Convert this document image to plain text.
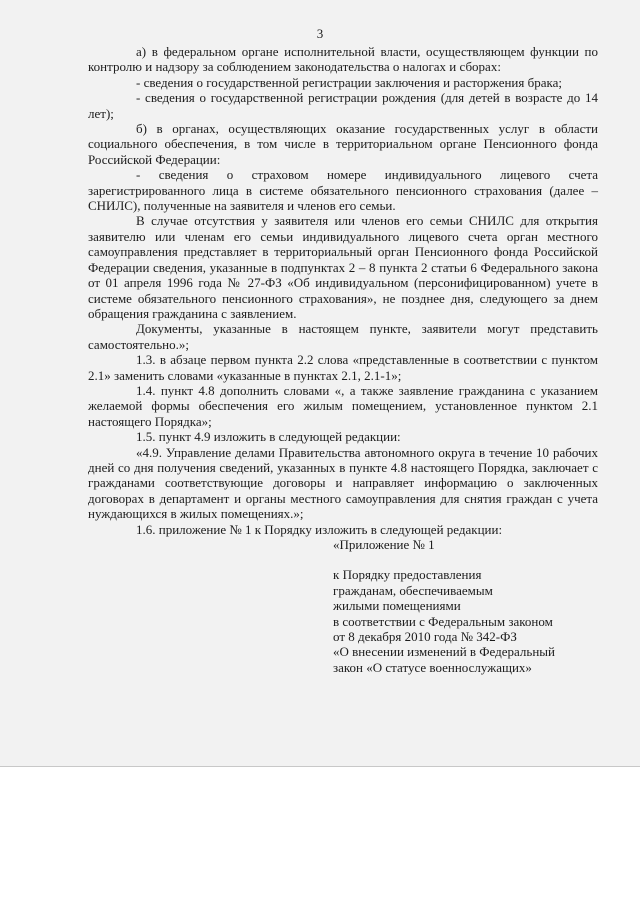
3

а) в федеральном органе исполнительной власти, осуществляющем функции по контролю и надзору за соблюдением законодательства о налогах и сборах:

- сведения о государственной регистрации заключения и расторжения брака;

- сведения о государственной регистрации рождения (для детей в возрасте до 14 лет);

б) в органах, осуществляющих оказание государственных услуг в области социального обеспечения, в том числе в территориальном органе Пенсионного фонда Российской Федерации:

- сведения о страховом номере индивидуального лицевого счета зарегистрированного лица в системе обязательного пенсионного страхования (далее – СНИЛС), полученные на заявителя и членов его семьи.

В случае отсутствия у заявителя или членов его семьи СНИЛС для открытия заявителю или членам его семьи индивидуального лицевого счета орган местного самоуправления представляет в территориальный орган Пенсионного фонда Российской Федерации сведения, указанные в подпунктах 2 – 8 пункта 2 статьи 6 Федерального закона от 01 апреля 1996 года № 27-ФЗ «Об индивидуальном (персонифицированном) учете в системе обязательного пенсионного страхования», не позднее дня, следующего за днем обращения гражданина с заявлением.

Документы, указанные в настоящем пункте, заявители могут представить самостоятельно.»;

1.3. в абзаце первом пункта 2.2 слова «представленные в соответствии с пунктом 2.1» заменить словами «указанные в пунктах 2.1, 2.1-1»;

1.4. пункт 4.8 дополнить словами «, а также заявление гражданина с указанием желаемой формы обеспечения его жилым помещением, установленное пунктом 2.1 настоящего Порядка»;

1.5. пункт 4.9 изложить в следующей редакции:

«4.9. Управление делами Правительства автономного округа в течение 10 рабочих дней со дня получения сведений, указанных в пункте 4.8 настоящего Порядка, заключает с гражданами соответствующие договоры и направляет информацию о заключенных договорах в департамент и органы местного самоуправления для снятия граждан с учета нуждающихся в жилых помещениях.»;

1.6. приложение № 1 к Порядку изложить в следующей редакции:

«Приложение № 1
к Порядку предоставления
гражданам, обеспечиваемым
жилыми помещениями
в соответствии с Федеральным законом
от 8 декабря 2010 года № 342-ФЗ
«О внесении изменений в Федеральный
закон «О статусе военнослужащих»
